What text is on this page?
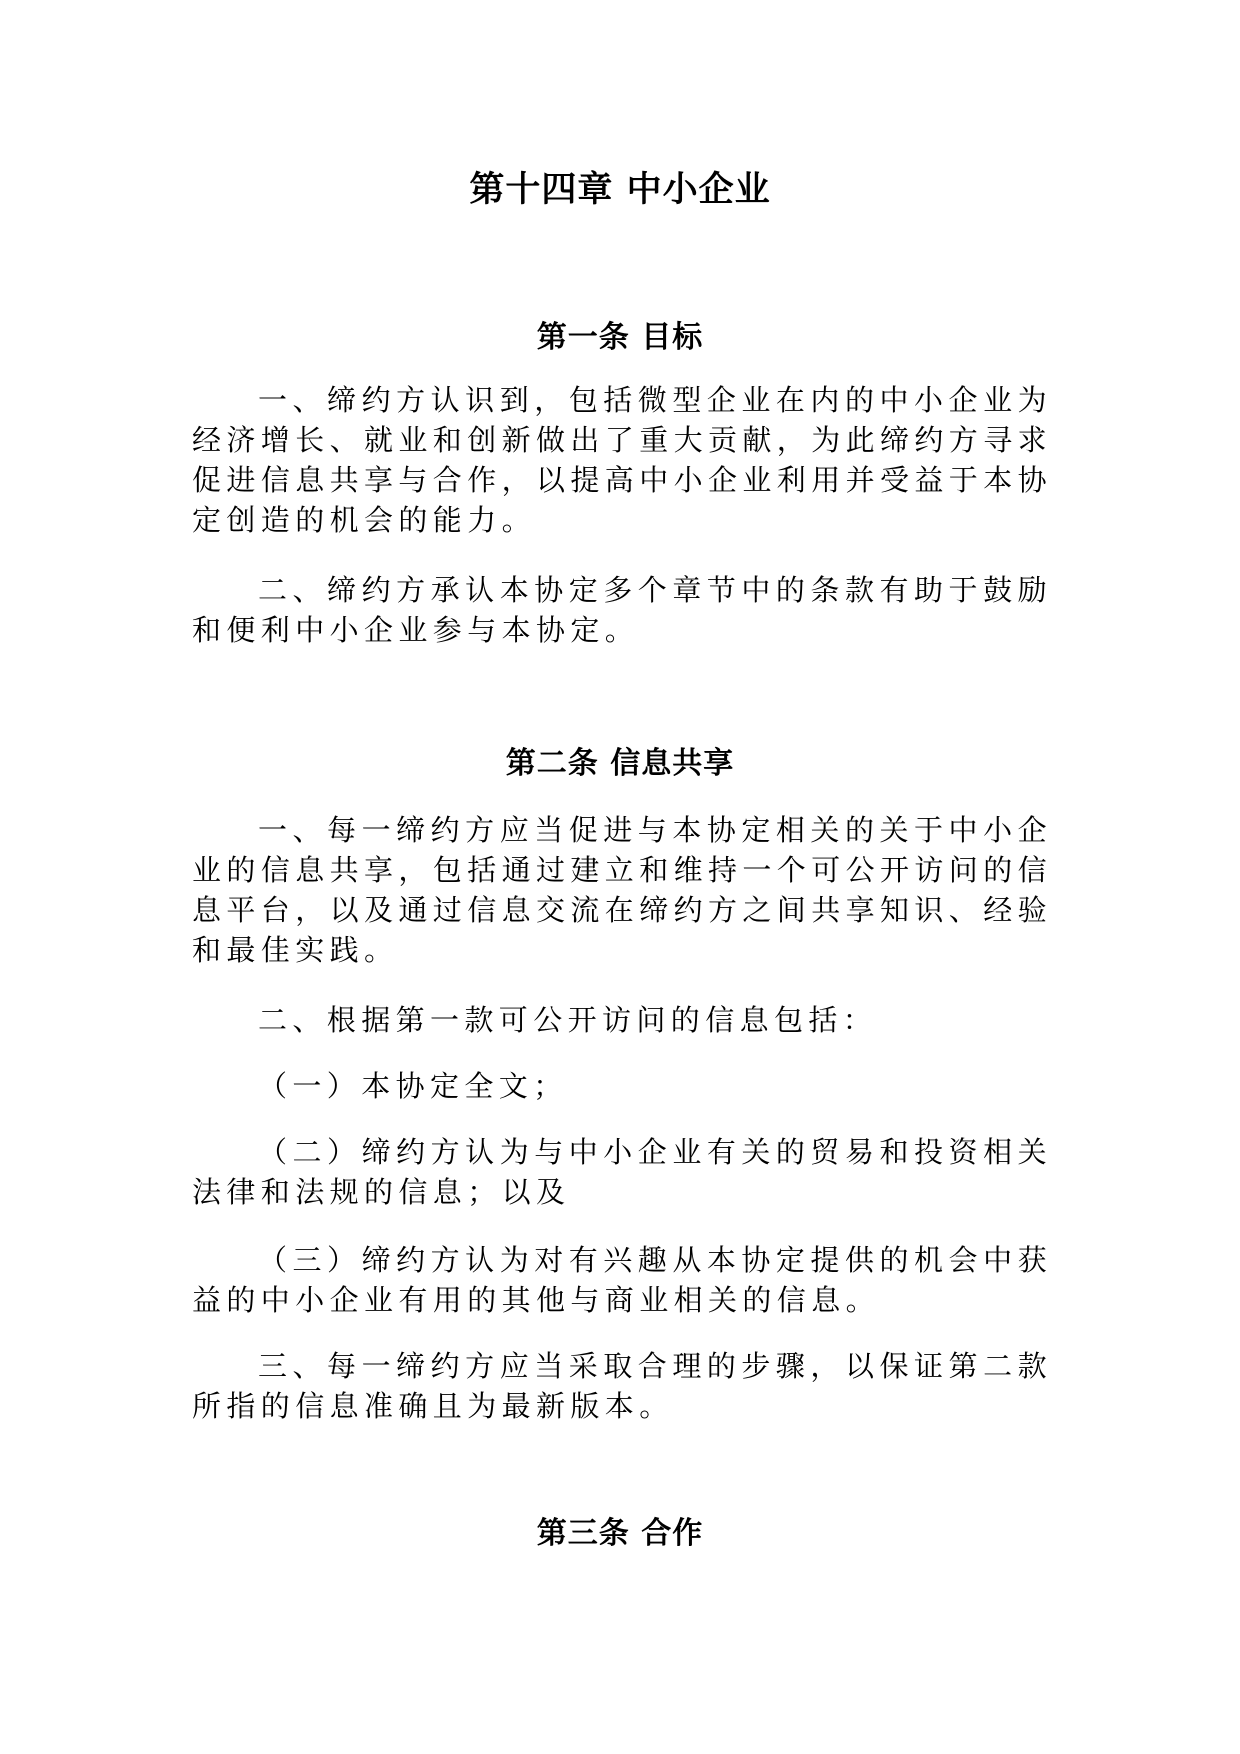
第十四章 中小企业
第一条 目标

一、缔约方认识到，包括微型企业在内的中小企业为经济增长、就业和创新做出了重大贡献，为此缔约方寻求促进信息共享与合作，以提高中小企业利用并受益于本协定创造的机会的能力。

二、缔约方承认本协定多个章节中的条款有助于鼓励和便利中小企业参与本协定。

第二条 信息共享

一、每一缔约方应当促进与本协定相关的关于中小企业的信息共享，包括通过建立和维持一个可公开访问的信息平台，以及通过信息交流在缔约方之间共享知识、经验和最佳实践。

二、根据第一款可公开访问的信息包括：

（一）本协定全文；

（二）缔约方认为与中小企业有关的贸易和投资相关法律和法规的信息；以及

（三）缔约方认为对有兴趣从本协定提供的机会中获益的中小企业有用的其他与商业相关的信息。

三、每一缔约方应当采取合理的步骤，以保证第二款所指的信息准确且为最新版本。

第三条 合作
